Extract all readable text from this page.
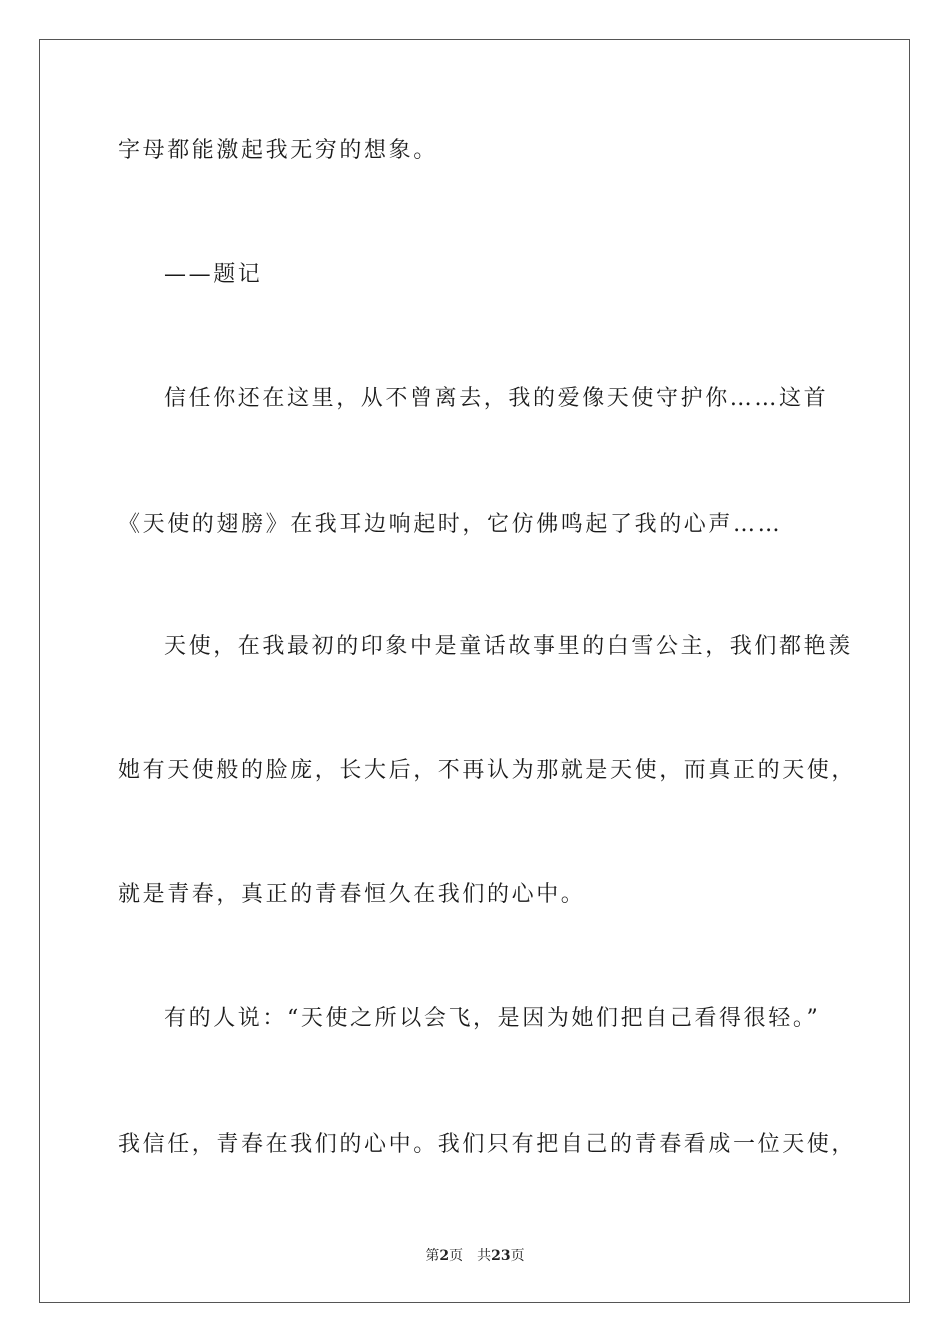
字母都能激起我无穷的想象。
——题记
信任你还在这里，从不曾离去，我的爱像天使守护你……这首
《天使的翅膀》在我耳边响起时，它仿佛鸣起了我的心声……
天使，在我最初的印象中是童话故事里的白雪公主，我们都艳羡
她有天使般的脸庞，长大后，不再认为那就是天使，而真正的天使，
就是青春，真正的青春恒久在我们的心中。
有的人说：“天使之所以会飞，是因为她们把自己看得很轻。”
我信任，青春在我们的心中。我们只有把自己的青春看成一位天使，
第2页 共23页
